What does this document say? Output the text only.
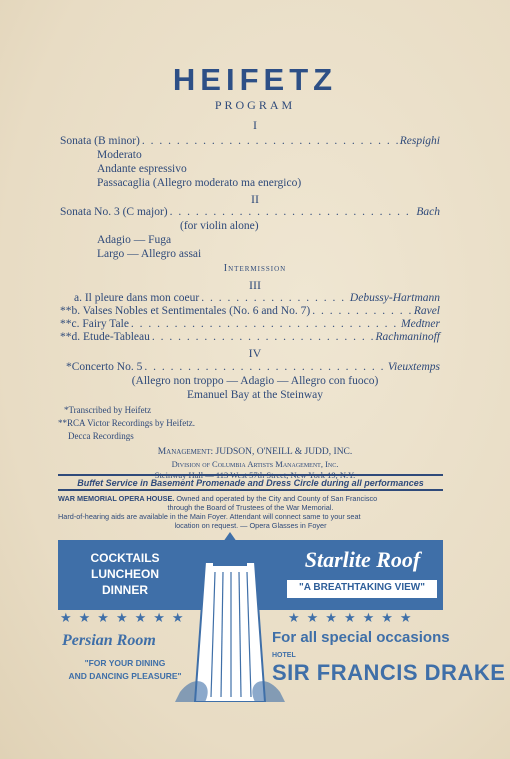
HEIFETZ
PROGRAM
I
Sonata (B minor) . . .	Respighi
Moderato
Andante espressivo
Passacaglia (Allegro moderato ma energico)
II
Sonata No. 3 (C major) . . .	Bach
(for violin alone)
Adagio — Fuga
Largo — Allegro assai
Intermission
III
a. Il pleure dans mon coeur . . .	Debussy-Hartmann
**b. Valses Nobles et Sentimentales (No. 6 and No. 7) . . .	Ravel
**c. Fairy Tale . . .	Medtner
**d. Etude-Tableau . . .	Rachmaninoff
IV
*Concerto No. 5 . . .	Vieuxtemps
(Allegro non troppo — Adagio — Allegro con fuoco)
Emanuel Bay at the Steinway
*Transcribed by Heifetz
**RCA Victor Recordings by Heifetz.
Decca Recordings
Management: JUDSON, O'NEILL & JUDD, INC.
Division of Columbia Artists Management, Inc.
Buffet Service in Basement Promenade and Dress Circle during all performances
WAR MEMORIAL OPERA HOUSE. Owned and operated by the City and County of San Francisco
through the Board of Trustees of the War Memorial.
Hard-of-hearing aids are available in the Main Foyer. Attendant will connect same to your seat
location on request. — Opera Glasses in Foyer
COCKTAILS
LUNCHEON
DINNER
Starlite Roof
"A BREATHTAKING VIEW"
★★★★★★★	★★★★★★★
Persian Room
"FOR YOUR DINING
AND DANCING PLEASURE"
For all special occasions
HOTEL
SIR FRANCIS DRAKE
